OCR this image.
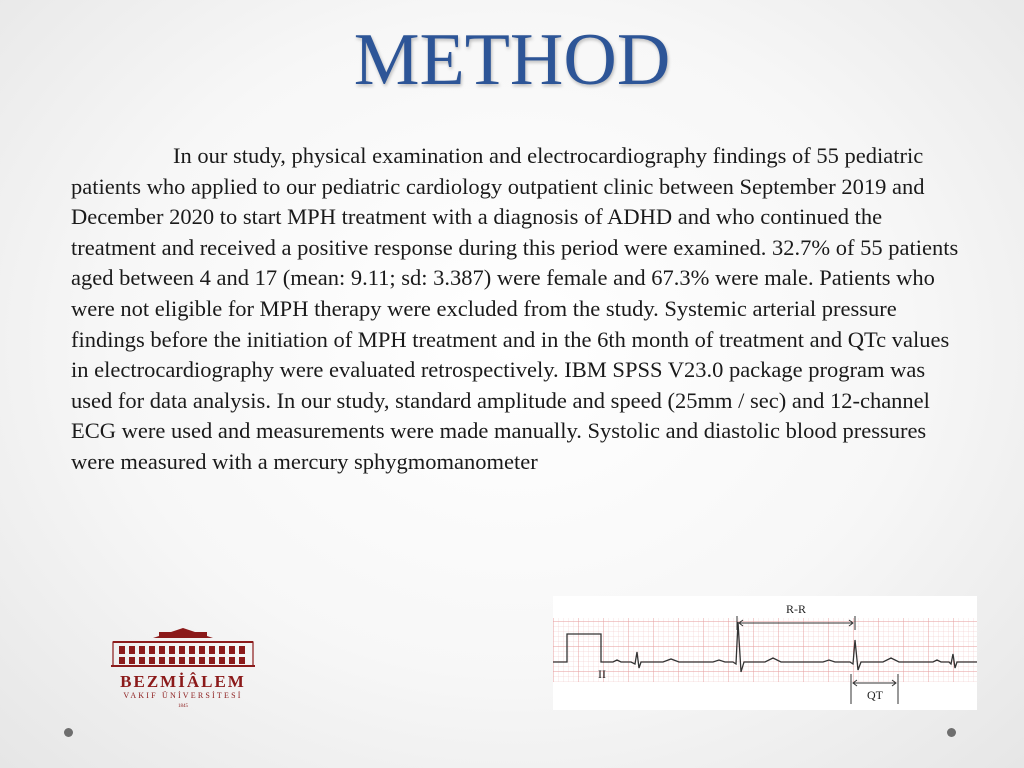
METHOD

In our study, physical examination and electrocardiography findings of 55 pediatric patients who applied to our pediatric cardiology outpatient clinic between September 2019 and December 2020 to start MPH treatment with a diagnosis of ADHD and who continued the treatment and received a positive response during this period were examined. 32.7% of 55 patients aged between 4 and 17 (mean: 9.11; sd: 3.387) were female and 67.3% were male. Patients who were not eligible for MPH therapy were excluded from the study. Systemic arterial pressure findings before the initiation of MPH treatment and in the 6th month of treatment and QTc values in electrocardiography were evaluated retrospectively. IBM SPSS V23.0 package program was used for data analysis. In our study, standard amplitude and speed (25mm / sec) and 12-channel ECG were used and measurements were made manually. Systolic and diastolic blood pressures were measured with a mercury sphygmomanometer

BEZMİÂLEM
VAKIF ÜNİVERSİTESİ
1845
R-R
II
QT
